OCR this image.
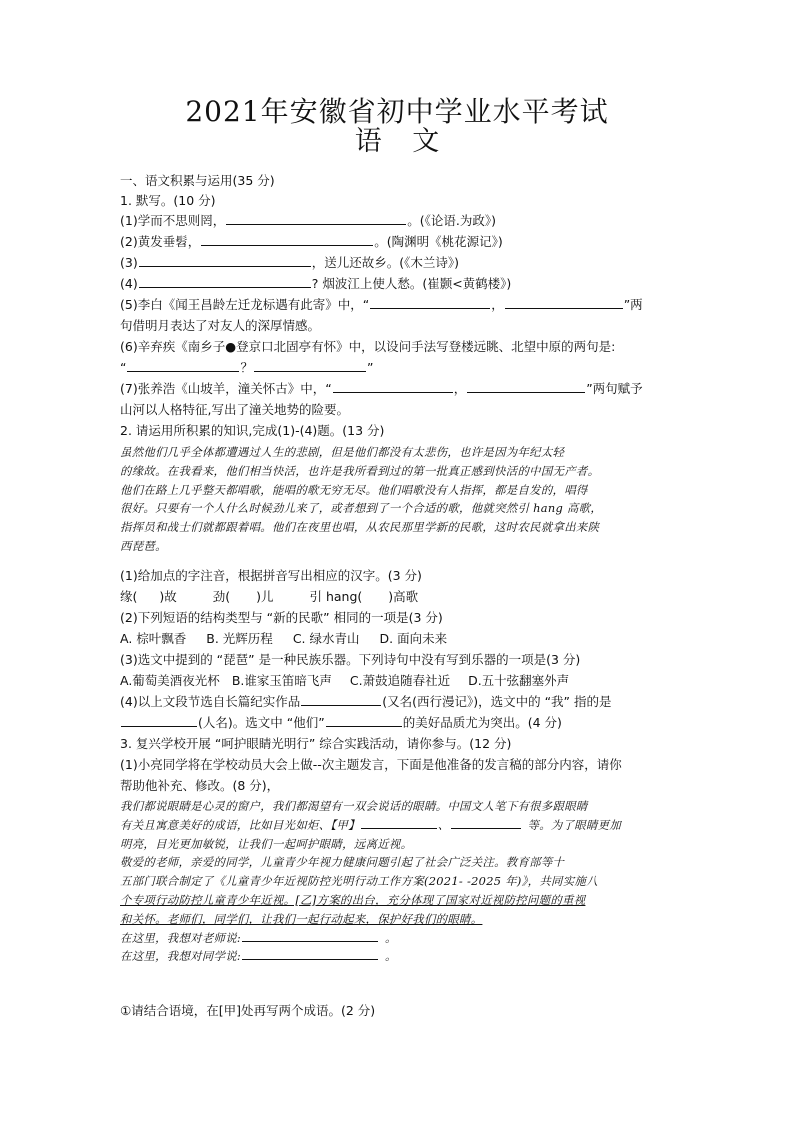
2021年安徽省初中学业水平考试
语 文
一、语文积累与运用(35 分)
1. 默写。(10 分)
(1)学而不思则罔，	。(《论语.为政》)
(2)黄发垂髫，	。(陶渊明《桃花源记》)
(3)	，送儿还故乡。(《木兰诗》)
(4)	? 烟波江上使人愁。(崔颢<黄鹤楼》)
(5)李白《闻王昌龄左迁龙标遇有此寄》中，“	，	”两
句借明月表达了对友人的深厚情感。
(6)辛弃疾《南乡子●登京口北固亭有怀》中，以设问手法写登楼远眺、北望中原的两句是:
“	？	”
(7)张养浩《山坡羊，潼关怀古》中，“	，	”两句赋予
山河以人格特征,写出了潼关地势的险要。
2. 请运用所积累的知识,完成(1)-(4)题。(13 分)
虽然他们几乎全体都遭遇过人生的悲剧，但是他们都没有太悲伤，也许是因为年纪太轻
的缘故。在我看来，他们相当快活，也许是我所看到过的第一批真正感到快活的中国无产者。
他们在路上几乎整天都唱歌，能唱的歌无穷无尽。他们唱歌没有人指挥，都是自发的，唱得
很好。只要有一个人什么时候劲儿来了，或者想到了一个合适的歌，他就突然引 hang 高歌，
指挥员和战士们就都跟着唱。他们在夜里也唱，从农民那里学新的民歌，这时农民就拿出来陕
西琵琶。
(1)给加点的字注音，根据拼音写出相应的汉字。(3 分)
缘( )故	劲( )儿	引 hang( )高歌
(2)下列短语的结构类型与 “新的民歌” 相同的一项是(3 分)
A. 棕叶飘香 B. 光辉历程 C. 绿水青山 D. 面向未来
(3)选文中提到的 “琵琶” 是一种民族乐器。下列诗句中没有写到乐器的一项是(3 分)
A.葡萄美酒夜光杯 B.谁家玉笛暗飞声 C.萧鼓追随春社近 D.五十弦翻塞外声
(4)以上文段节选自长篇纪实作品	(又名(西行漫记》)，选文中的 “我” 指的是
(人名)。选文中 “他们”	的美好品质尤为突出。(4 分)
3. 复兴学校开展 “呵护眼睛光明行” 综合实践活动，请你参与。(12 分)
(1)小亮同学将在学校动员大会上做--次主题发言，下面是他准备的发言稿的部分内容，请你
帮助他补充、修改。(8 分)，
我们都说眼睛是心灵的窗户，我们都渴望有一双会说话的眼睛。中国文人笔下有很多跟眼睛
有关且寓意美好的成语，比如目光如炬、【甲】	、	等。为了眼睛更加
明亮，目光更加敏锐，让我们一起呵护眼睛，远离近视。
敬爱的老师，亲爱的同学，儿童青少年视力健康问题引起了社会广泛关注。教育部等十
五部门联合制定了《儿童青少年近视防控光明行动工作方案(2021- -2025 年)》，共同实施八
个专项行动防控儿童青少年近视。[乙]方案的出台，充分体现了国家对近视防控问题的重视
和关怀。老师们，同学们，让我们一起行动起来，保护好我们的眼睛。
在这里，我想对老师说:	。
在这里，我想对同学说:	。
①请结合语境，在[甲]处再写两个成语。(2 分)
